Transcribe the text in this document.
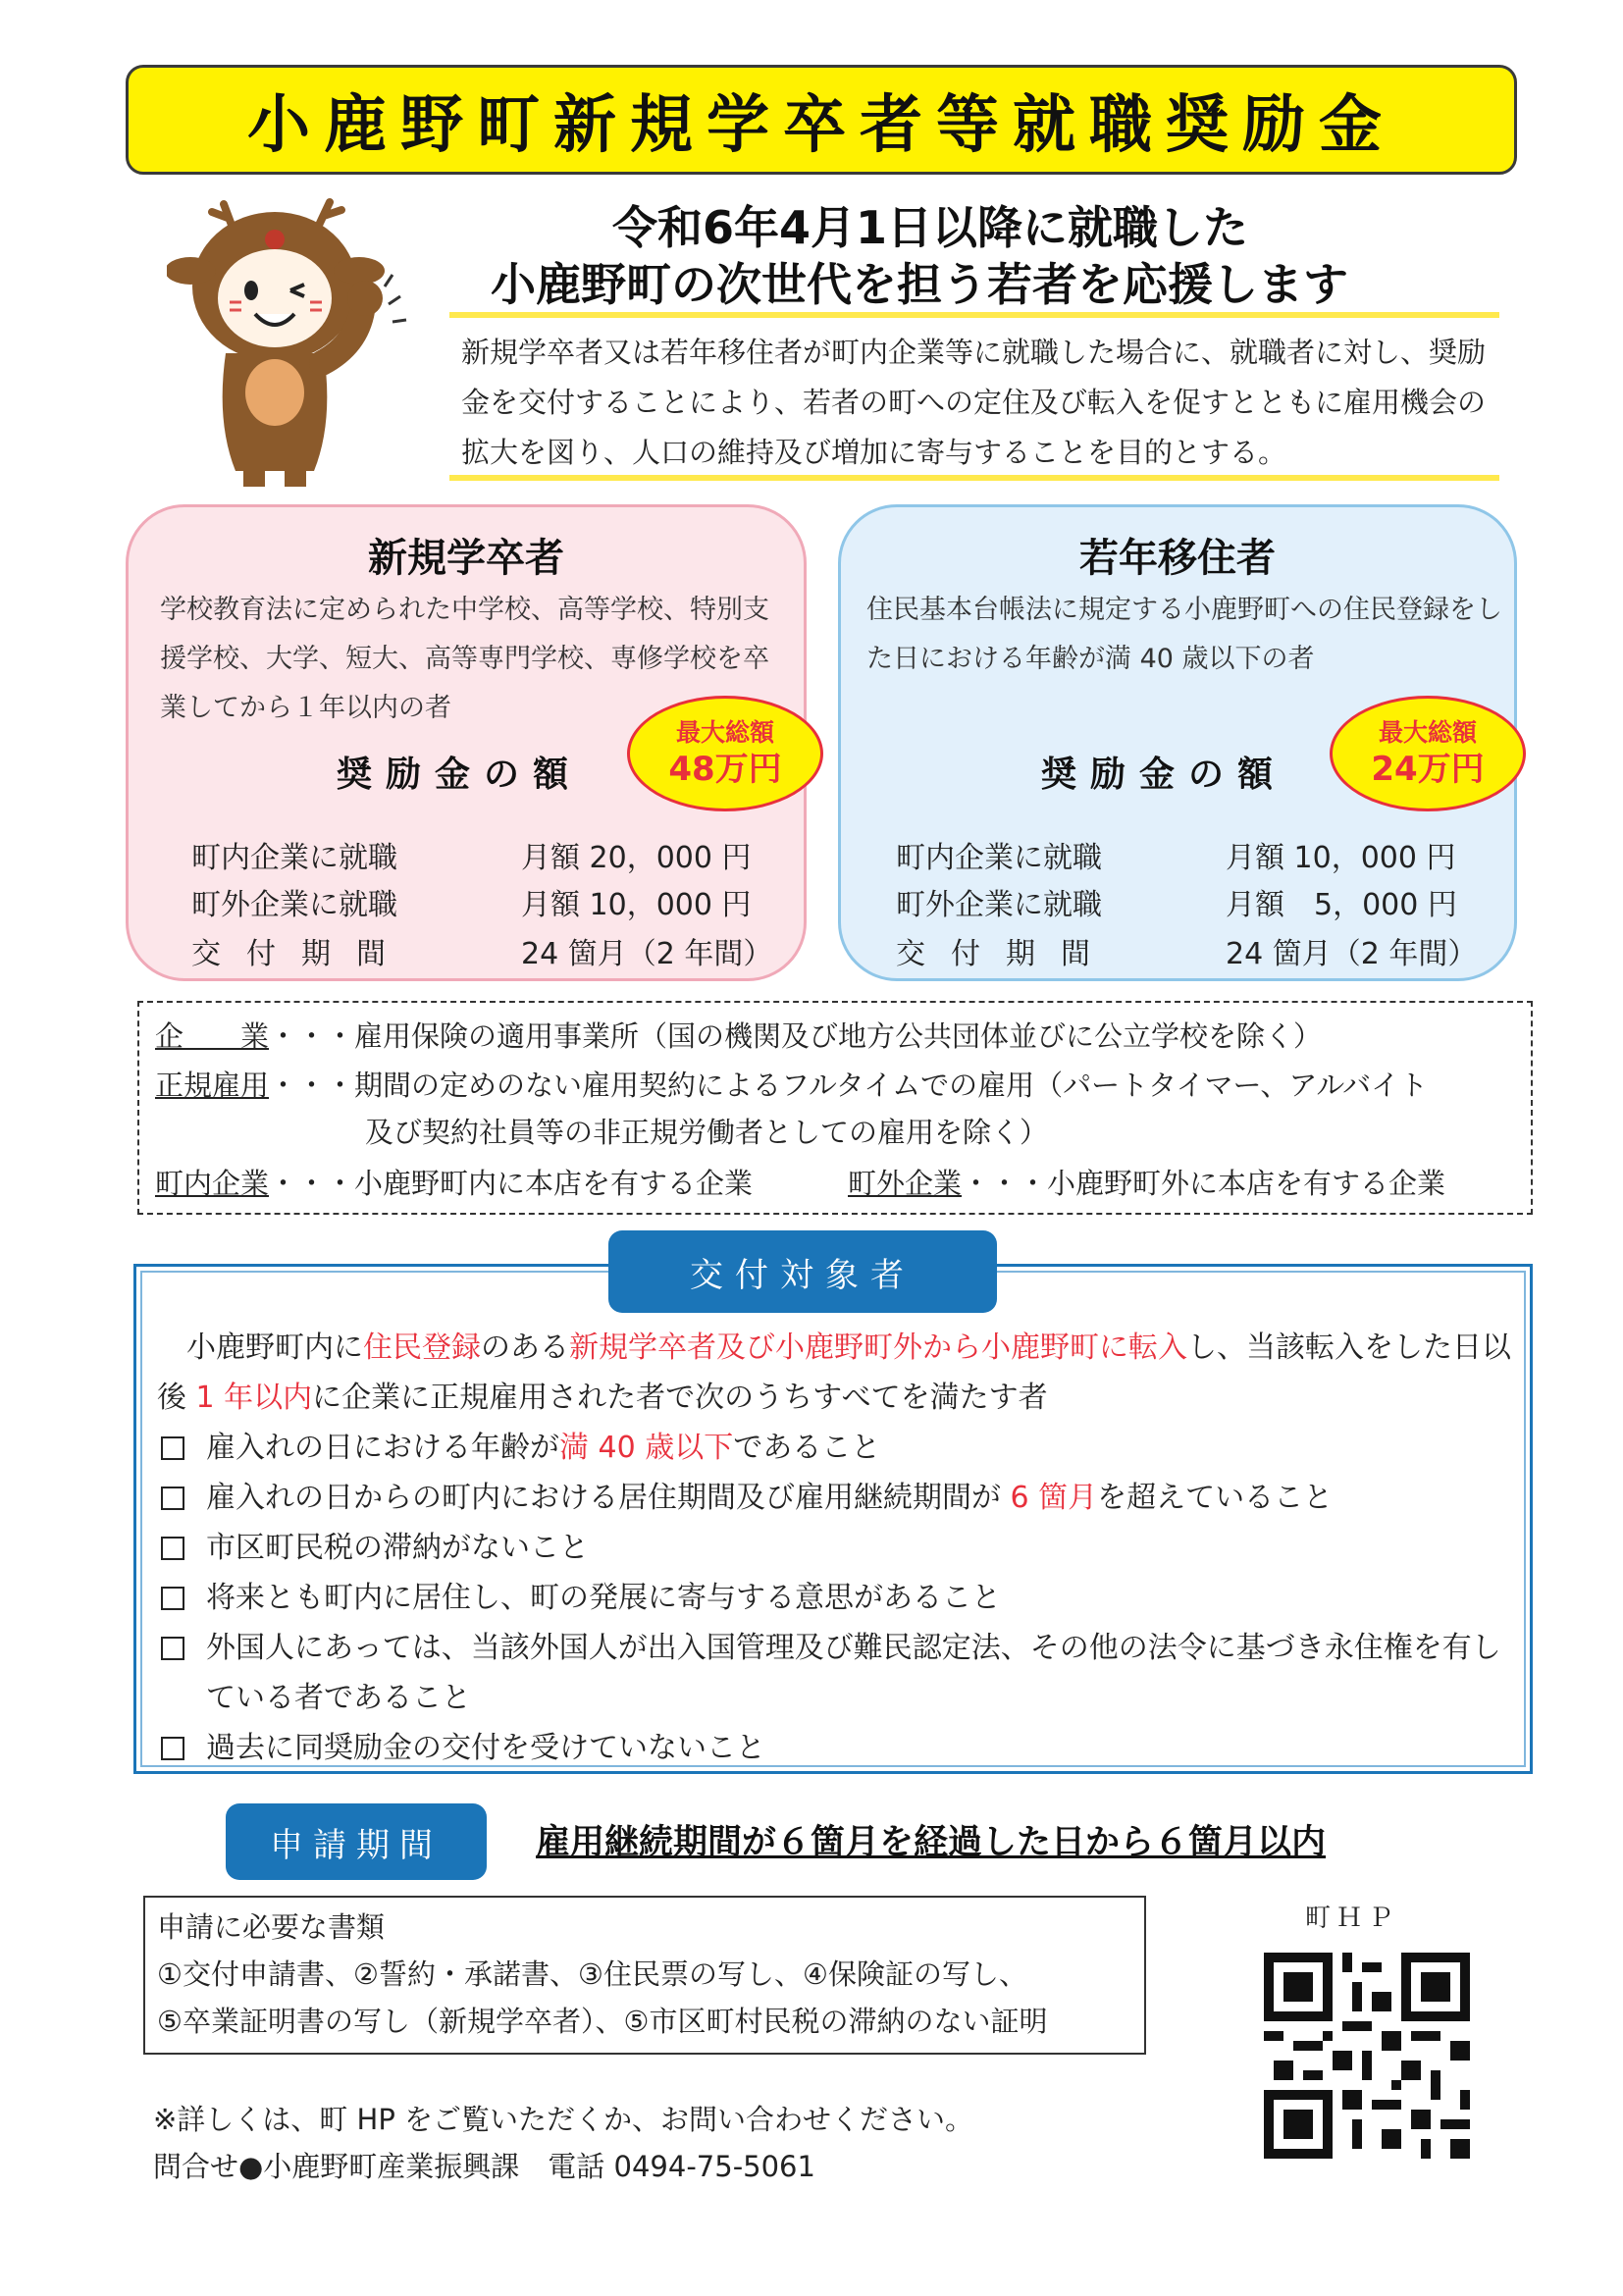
小鹿野町新規学卒者等就職奨励金
令和6年4月1日以降に就職した
小鹿野町の次世代を担う若者を応援します
新規学卒者又は若年移住者が町内企業等に就職した場合に、就職者に対し、奨励金を交付することにより、若者の町への定住及び転入を促すとともに雇用機会の拡大を図り、人口の維持及び増加に寄与することを目的とする。
新規学卒者
学校教育法に定められた中学校、高等学校、特別支援学校、大学、短大、高等専門学校、専修学校を卒業してから１年以内の者
奨励金の額
最大総額
48万円
町内企業に就職	月額 20，000 円
町外企業に就職	月額 10，000 円
交付期間	24 箇月（2 年間）
若年移住者
住民基本台帳法に規定する小鹿野町への住民登録をした日における年齢が満 40 歳以下の者
奨励金の額
最大総額
24万円
町内企業に就職	月額 10，000 円
町外企業に就職	月額　5，000 円
交付期間	24 箇月（2 年間）
企　　業・・・雇用保険の適用事業所（国の機関及び地方公共団体並びに公立学校を除く）
正規雇用・・・期間の定めのない雇用契約によるフルタイムでの雇用（パートタイマー、アルバイト
及び契約社員等の非正規労働者としての雇用を除く）
町内企業・・・小鹿野町内に本店を有する企業	町外企業・・・小鹿野町外に本店を有する企業
交付対象者
小鹿野町内に住民登録のある新規学卒者及び小鹿野町外から小鹿野町に転入し、当該転入をした日以後 1 年以内に企業に正規雇用された者で次のうちすべてを満たす者
雇入れの日における年齢が満 40 歳以下であること
雇入れの日からの町内における居住期間及び雇用継続期間が 6 箇月を超えていること
市区町民税の滞納がないこと
将来とも町内に居住し、町の発展に寄与する意思があること
外国人にあっては、当該外国人が出入国管理及び難民認定法、その他の法令に基づき永住権を有している者であること
過去に同奨励金の交付を受けていないこと
申請期間	雇用継続期間が６箇月を経過した日から６箇月以内
申請に必要な書類
①交付申請書、②誓約・承諾書、③住民票の写し、④保険証の写し、
⑤卒業証明書の写し（新規学卒者）、⑤市区町村民税の滞納のない証明
町ＨＰ
※詳しくは、町 HP をご覧いただくか、お問い合わせください。
問合せ●小鹿野町産業振興課　電話 0494-75-5061
